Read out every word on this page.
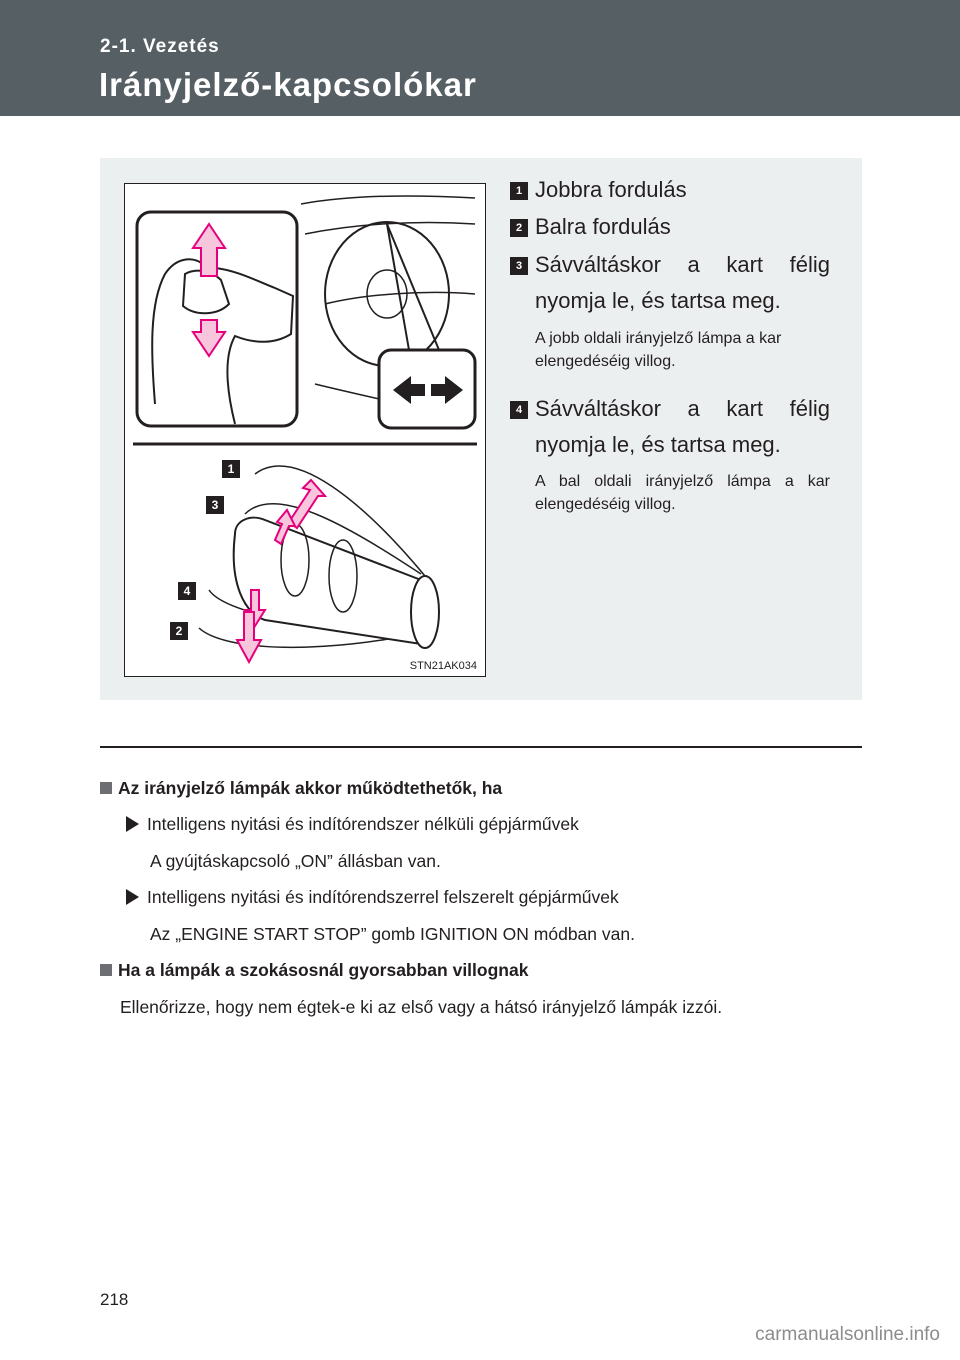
2-1. Vezetés
Irányjelző-kapcsolókar
1
3
4
2
STN21AK034
1 Jobbra fordulás
2 Balra fordulás
3 Sávváltáskor a kart félig
nyomja le, és tartsa meg.
A jobb oldali irányjelző lámpa a kar elengedéséig villog.
4 Sávváltáskor a kart félig
nyomja le, és tartsa meg.
A bal oldali irányjelző lámpa a kar elengedéséig villog.
Az irányjelző lámpák akkor működtethetők, ha
Intelligens nyitási és indítórendszer nélküli gépjárművek
A gyújtáskapcsoló „ON” állásban van.
Intelligens nyitási és indítórendszerrel felszerelt gépjárművek
Az „ENGINE START STOP” gomb IGNITION ON módban van.
Ha a lámpák a szokásosnál gyorsabban villognak
Ellenőrizze, hogy nem égtek-e ki az első vagy a hátsó irányjelző lámpák izzói.
218
carmanualsonline.info
